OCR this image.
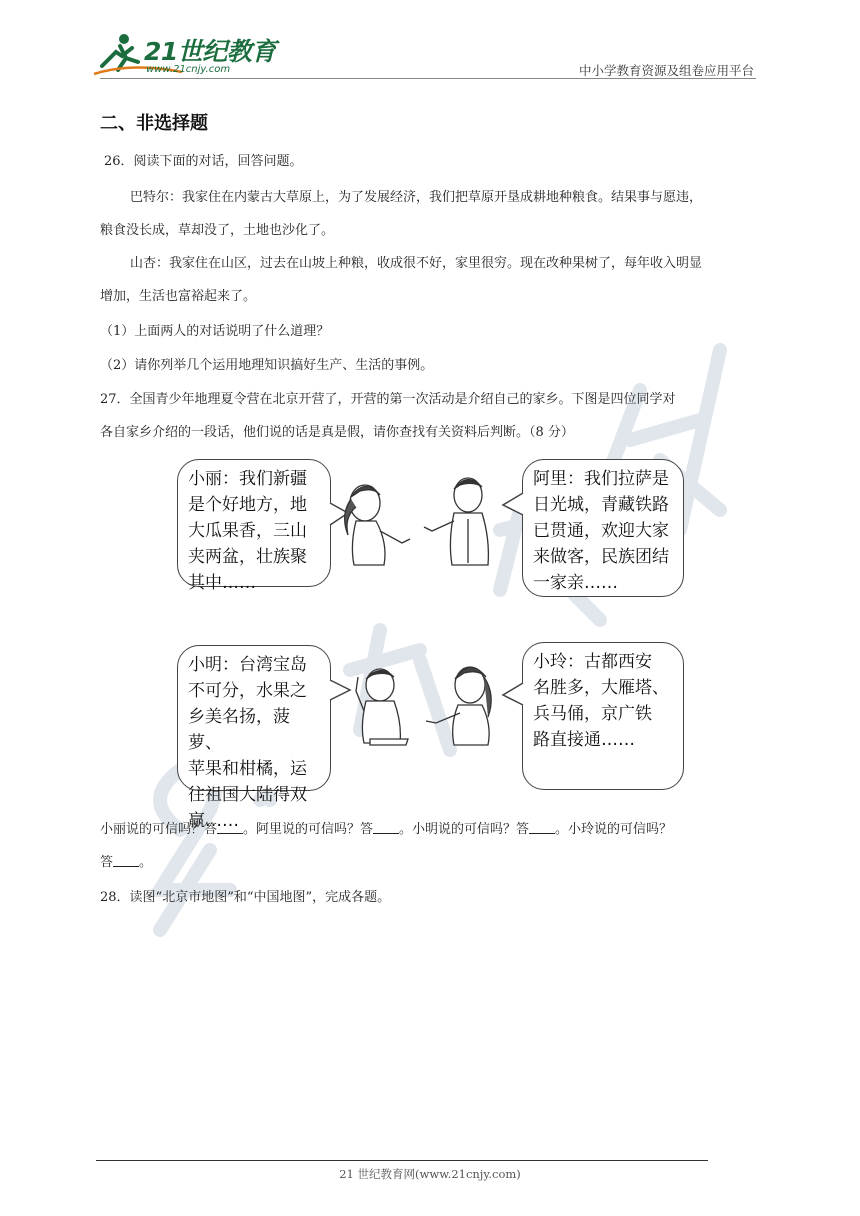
21世纪教育
www.21cnjy.com	中小学教育资源及组卷应用平台
二、非选择题
26．阅读下面的对话，回答问题。
巴特尔：我家住在内蒙古大草原上，为了发展经济，我们把草原开垦成耕地种粮食。结果事与愿违，
粮食没长成，草却没了，土地也沙化了。
山杏：我家住在山区，过去在山坡上种粮，收成很不好，家里很穷。现在改种果树了，每年收入明显
增加，生活也富裕起来了。
（1）上面两人的对话说明了什么道理？
（2）请你列举几个运用地理知识搞好生产、生活的事例。
27．全国青少年地理夏令营在北京开营了，开营的第一次活动是介绍自己的家乡。下图是四位同学对
各自家乡介绍的一段话，他们说的话是真是假，请你查找有关资料后判断。（8 分）
小丽：我们新疆
是个好地方，地
大瓜果香，三山
夹两盆，壮族聚
其中……
阿里：我们拉萨是
日光城，青藏铁路
已贯通，欢迎大家
来做客，民族团结
一家亲……
小明：台湾宝岛
不可分，水果之
乡美名扬，菠萝、
苹果和柑橘，运
往祖国大陆得双
赢……
小玲：古都西安
名胜多，大雁塔、
兵马俑，京广铁
路直接通……
小丽说的可信吗？答 。阿里说的可信吗？答 。小明说的可信吗？答 。小玲说的可信吗？
答 。
28．读图“北京市地图”和“中国地图”，完成各题。
21 世纪教育网(www.21cnjy.com)
